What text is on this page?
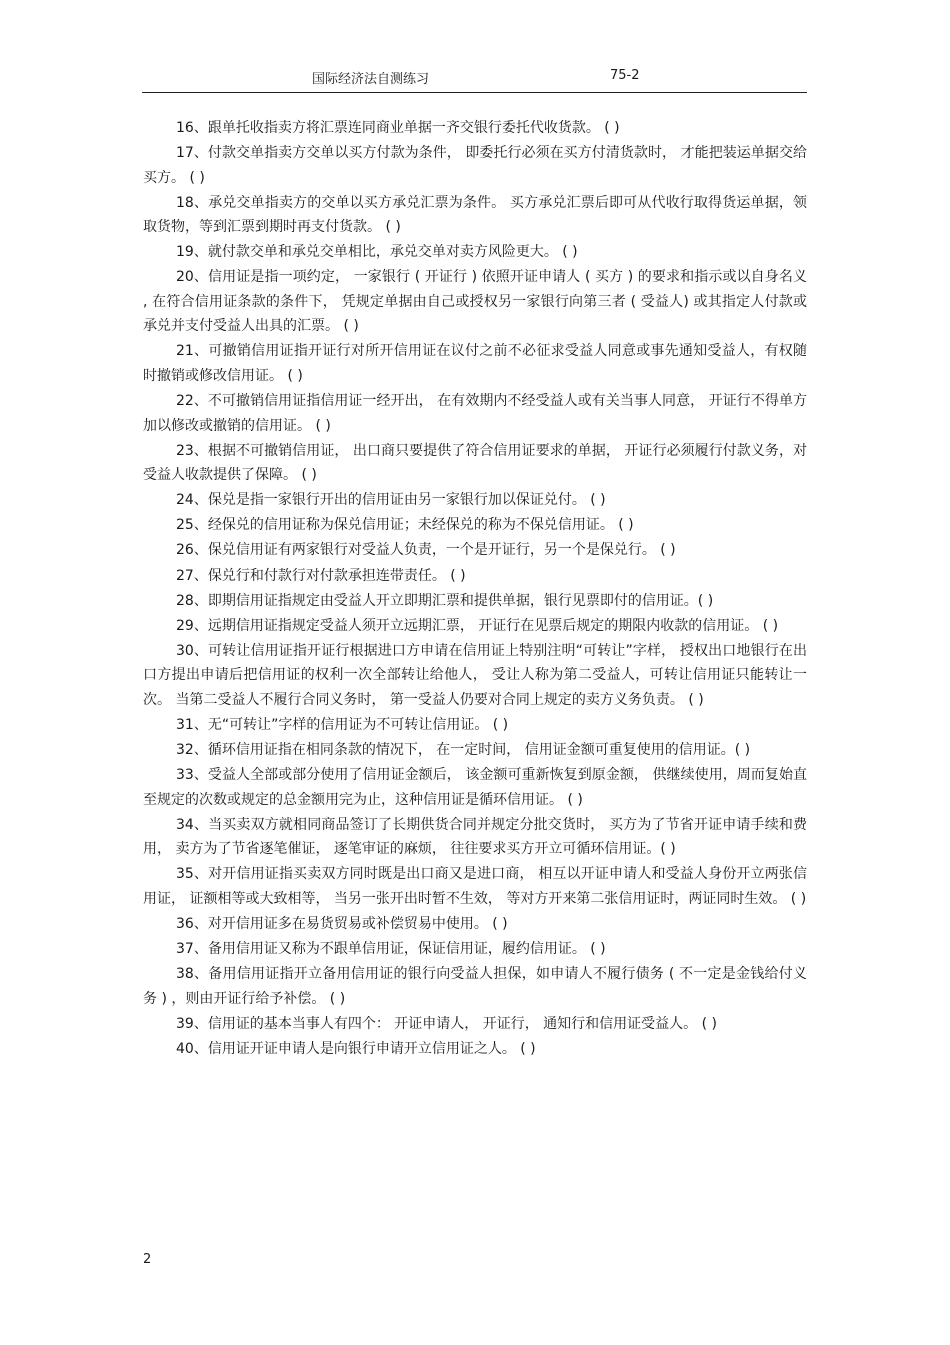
国际经济法自测练习	75-2

16、跟单托收指卖方将汇票连同商业单据一齐交银行委托代收货款。 ( )

17、付款交单指卖方交单以买方付款为条件， 即委托行必须在买方付清货款时， 才能把装运单据交给买方。 ( )

18、承兑交单指卖方的交单以买方承兑汇票为条件。 买方承兑汇票后即可从代收行取得货运单据，领取货物，等到汇票到期时再支付货款。 ( )

19、就付款交单和承兑交单相比，承兑交单对卖方风险更大。 ( )

20、信用证是指一项约定， 一家银行 ( 开证行 ) 依照开证申请人 ( 买方 ) 的要求和指示或以自身名义 , 在符合信用证条款的条件下， 凭规定单据由自己或授权另一家银行向第三者 ( 受益人) 或其指定人付款或承兑并支付受益人出具的汇票。 ( )

21、可撤销信用证指开证行对所开信用证在议付之前不必征求受益人同意或事先通知受益人，有权随时撤销或修改信用证。 ( )

22、不可撤销信用证指信用证一经开出， 在有效期内不经受益人或有关当事人同意， 开证行不得单方加以修改或撤销的信用证。 ( )

23、根据不可撤销信用证， 出口商只要提供了符合信用证要求的单据， 开证行必须履行付款义务，对受益人收款提供了保障。 ( )

24、保兑是指一家银行开出的信用证由另一家银行加以保证兑付。 ( )

25、经保兑的信用证称为保兑信用证；未经保兑的称为不保兑信用证。 ( )

26、保兑信用证有两家银行对受益人负责，一个是开证行，另一个是保兑行。 ( )

27、保兑行和付款行对付款承担连带责任。 ( )

28、即期信用证指规定由受益人开立即期汇票和提供单据，银行见票即付的信用证。( )

29、远期信用证指规定受益人须开立远期汇票， 开证行在见票后规定的期限内收款的信用证。 ( )

30、可转让信用证指开证行根据进口方申请在信用证上特别注明“可转让”字样， 授权出口地银行在出口方提出申请后把信用证的权利一次全部转让给他人， 受让人称为第二受益人，可转让信用证只能转让一次。 当第二受益人不履行合同义务时， 第一受益人仍要对合同上规定的卖方义务负责。 ( )

31、无“可转让”字样的信用证为不可转让信用证。 ( )

32、循环信用证指在相同条款的情况下， 在一定时间， 信用证金额可重复使用的信用证。( )

33、受益人全部或部分使用了信用证金额后， 该金额可重新恢复到原金额， 供继续使用，周而复始直至规定的次数或规定的总金额用完为止，这种信用证是循环信用证。 ( )

34、当买卖双方就相同商品签订了长期供货合同并规定分批交货时， 买方为了节省开证申请手续和费用， 卖方为了节省逐笔催证， 逐笔审证的麻烦， 往往要求买方开立可循环信用证。( )

35、对开信用证指买卖双方同时既是出口商又是进口商， 相互以开证申请人和受益人身份开立两张信用证， 证额相等或大致相等， 当另一张开出时暂不生效， 等对方开来第二张信用证时，两证同时生效。 ( )

36、对开信用证多在易货贸易或补偿贸易中使用。 ( )

37、备用信用证又称为不跟单信用证，保证信用证，履约信用证。 ( )

38、备用信用证指开立备用信用证的银行向受益人担保，如申请人不履行债务 ( 不一定是金钱给付义务 ) ，则由开证行给予补偿。 ( )

39、信用证的基本当事人有四个： 开证申请人， 开证行， 通知行和信用证受益人。 ( )

40、信用证开证申请人是向银行申请开立信用证之人。 ( )

2
